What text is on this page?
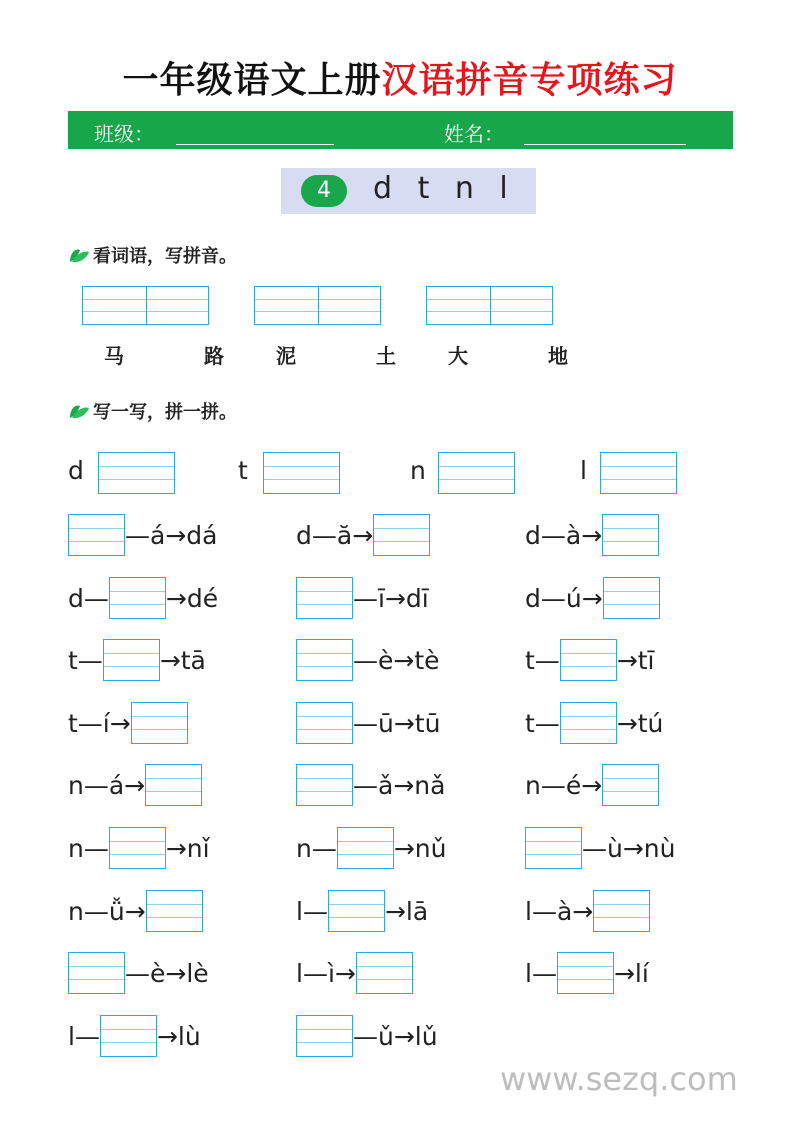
一年级语文上册汉语拼音专项练习
班级：	姓名：
4	d t n l
看词语，写拼音。
马　路 泥　土 大　地
写一写，拼一拼。
d	t	n	l
—á→dá	d—ă→	d—à→
d— →dé	—ī→dī	d—ú→
t— →tā	—è→tè	t— →tī
t—í→	—ū→tū	t— →tú
n—á→	—ǎ→nǎ	n—é→
n— →nǐ	n— →nǔ	—ù→nù
n—ǚ→	l— →lā	l—à→
—è→lè	l—ì→	l— →lí
l— →lù	—ǔ→lǔ
www.sezq.com
